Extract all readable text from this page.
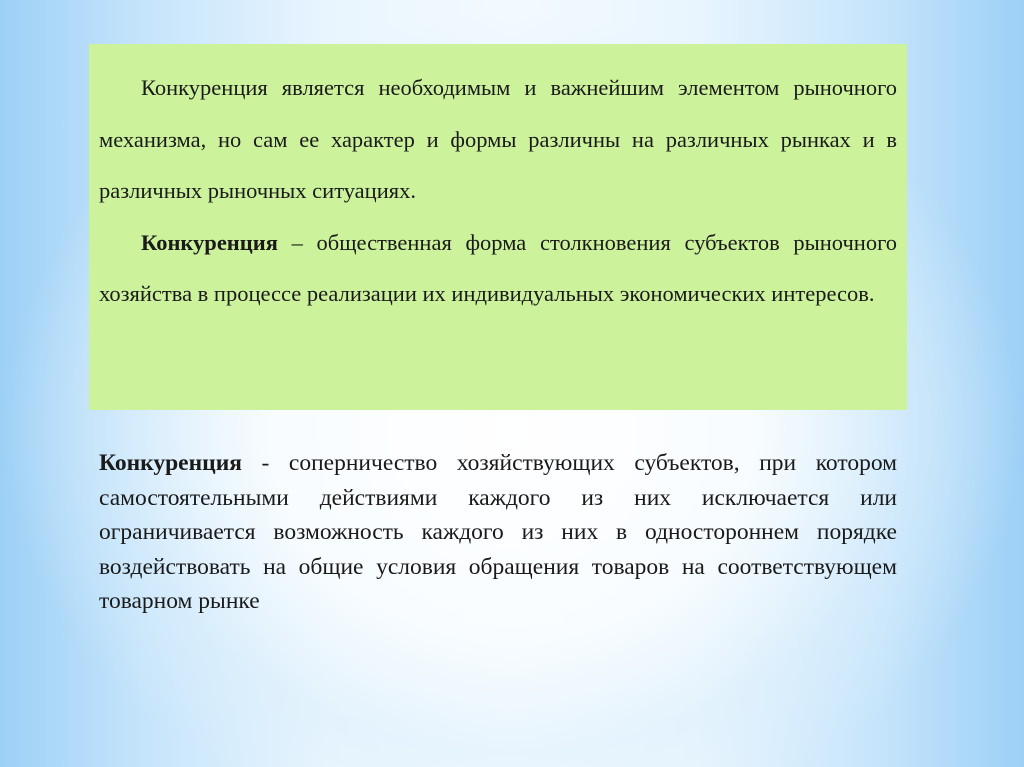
Конкуренция является необходимым и важнейшим элементом рыночного механизма, но сам ее характер и формы различны на различных рынках и в различных рыночных ситуациях.

Конкуренция – общественная форма столкновения субъектов рыночного хозяйства в процессе реализации их индивидуальных экономических интересов.

Конкуренция - соперничество хозяйствующих субъектов, при котором самостоятельными действиями каждого из них исключается или ограничивается возможность каждого из них в одностороннем порядке воздействовать на общие условия обращения товаров на соответствующем товарном рынке
